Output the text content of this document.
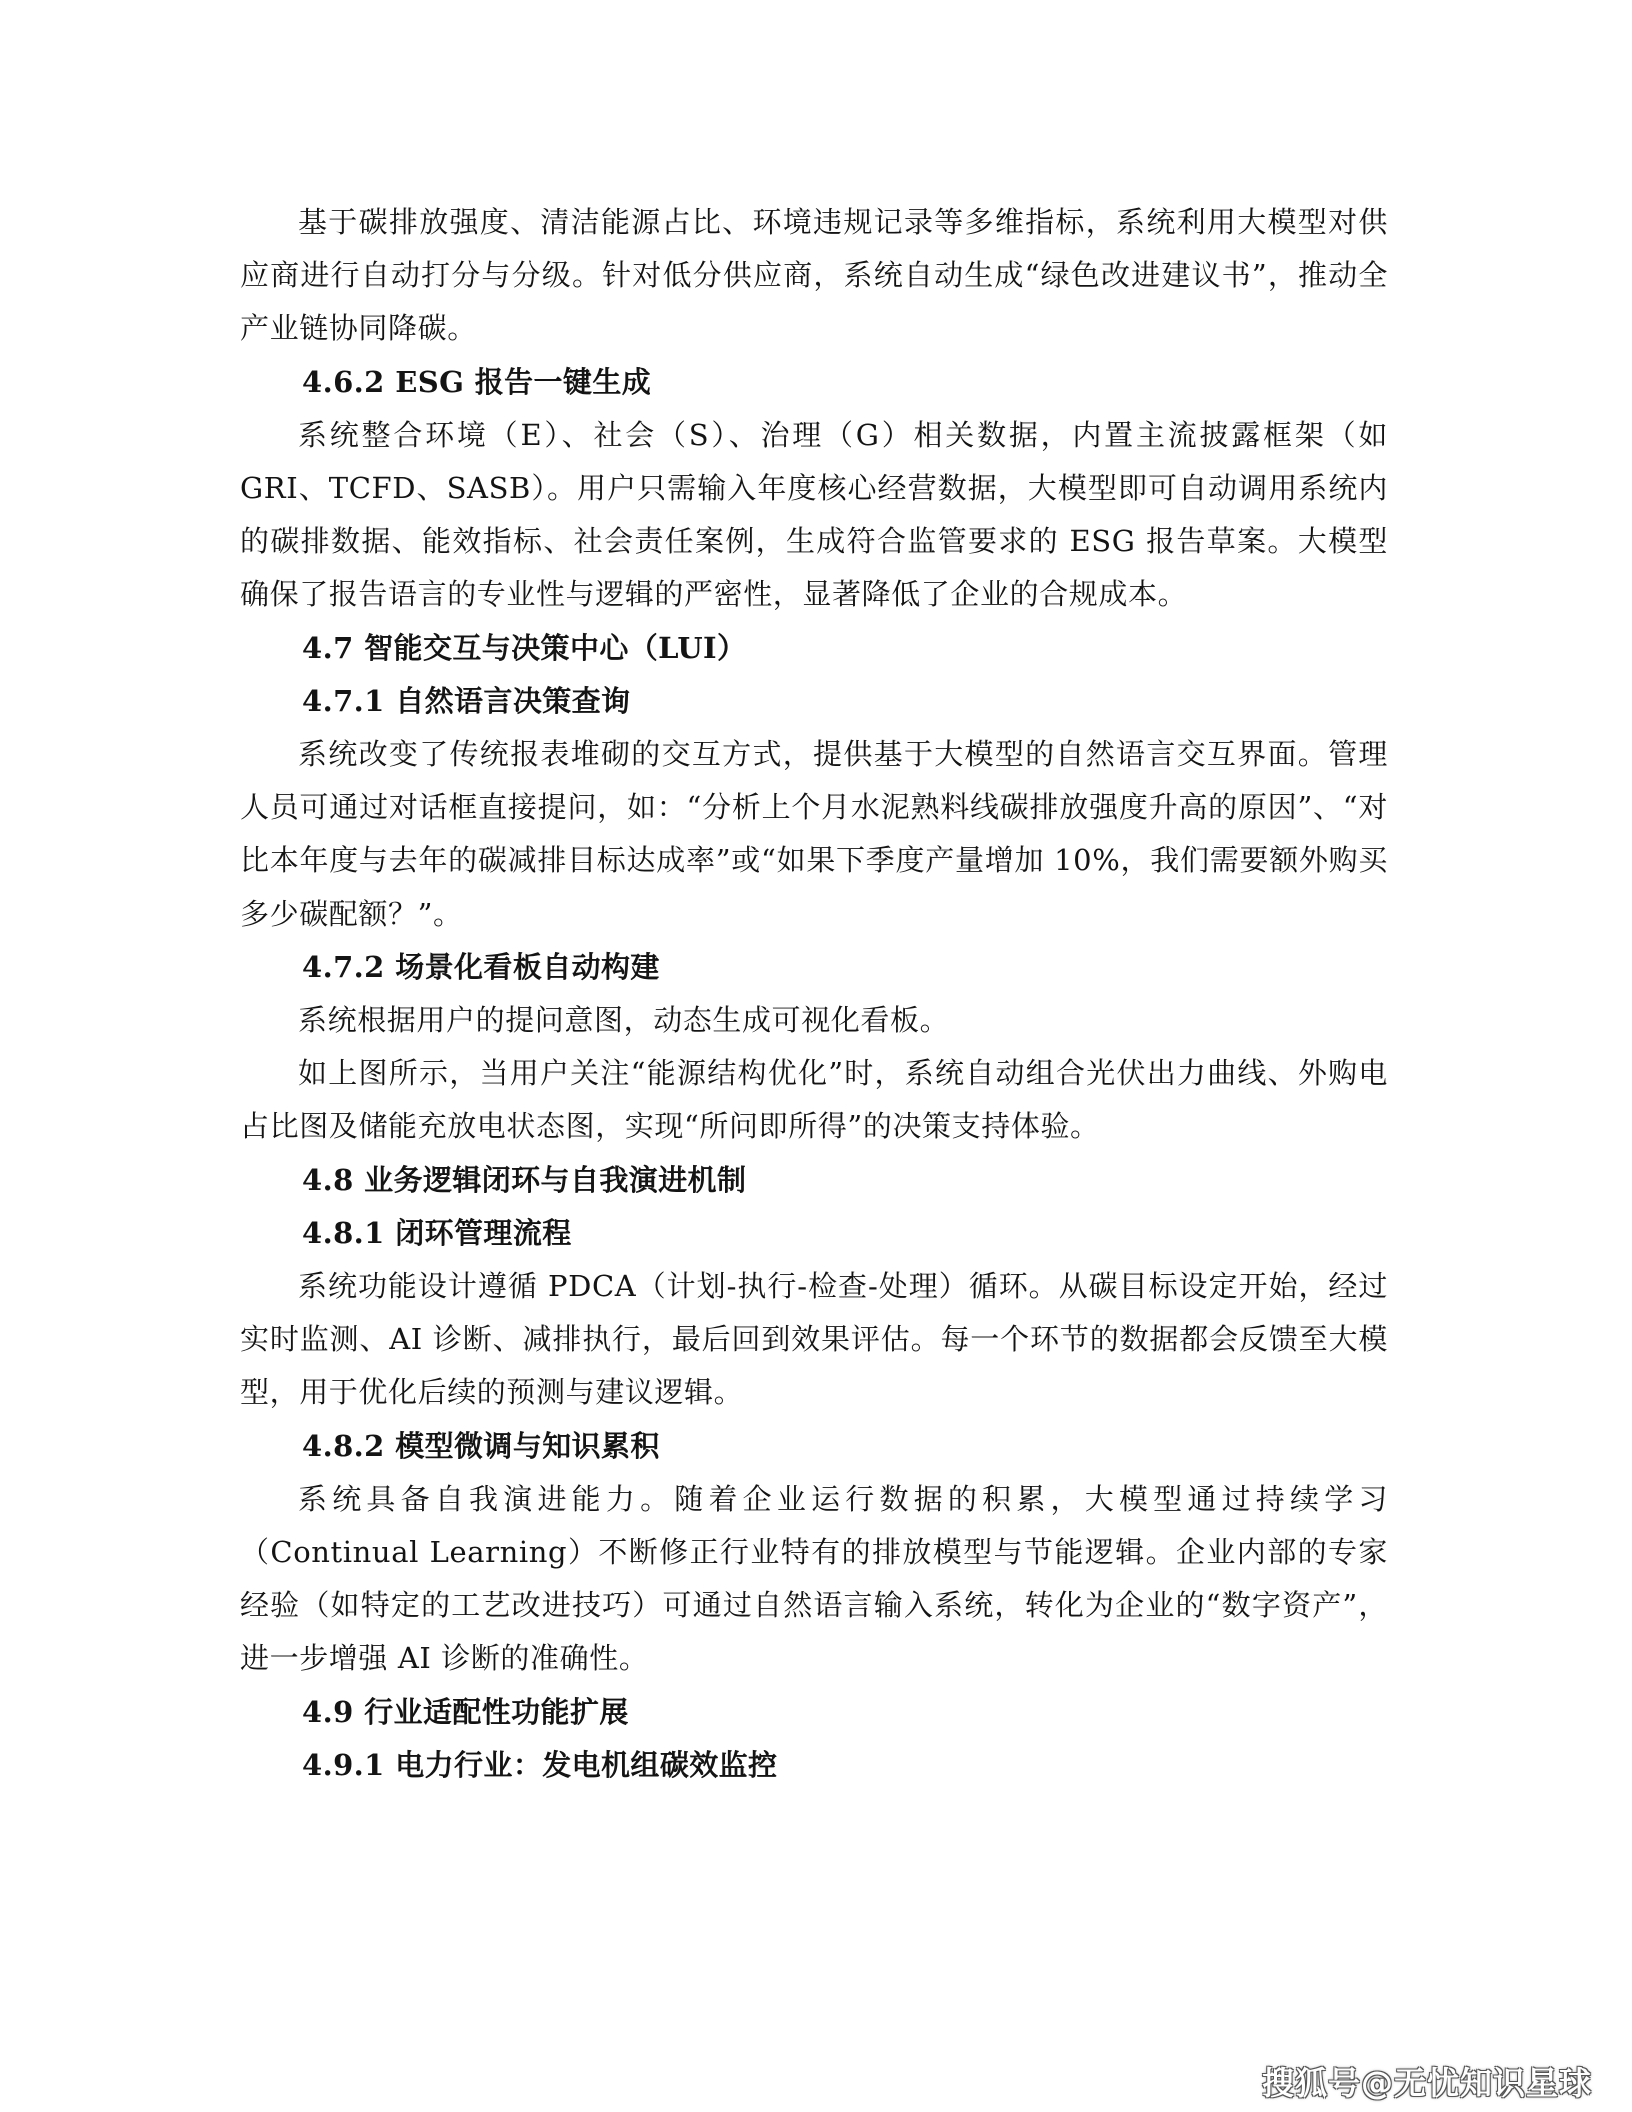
基于碳排放强度、清洁能源占比、环境违规记录等多维指标，系统利用大模型对供应商进行自动打分与分级。针对低分供应商，系统自动生成“绿色改进建议书”，推动全产业链协同降碳。

4.6.2 ESG 报告一键生成

系统整合环境（E）、社会（S）、治理（G）相关数据，内置主流披露框架（如 GRI、TCFD、SASB）。用户只需输入年度核心经营数据，大模型即可自动调用系统内的碳排数据、能效指标、社会责任案例，生成符合监管要求的 ESG 报告草案。大模型确保了报告语言的专业性与逻辑的严密性，显著降低了企业的合规成本。

4.7 智能交互与决策中心（LUI）

4.7.1 自然语言决策查询

系统改变了传统报表堆砌的交互方式，提供基于大模型的自然语言交互界面。管理人员可通过对话框直接提问，如：“分析上个月水泥熟料线碳排放强度升高的原因”、“对比本年度与去年的碳减排目标达成率”或“如果下季度产量增加 10%，我们需要额外购买多少碳配额？”。

4.7.2 场景化看板自动构建

系统根据用户的提问意图，动态生成可视化看板。

如上图所示，当用户关注“能源结构优化”时，系统自动组合光伏出力曲线、外购电占比图及储能充放电状态图，实现“所问即所得”的决策支持体验。

4.8 业务逻辑闭环与自我演进机制

4.8.1 闭环管理流程

系统功能设计遵循 PDCA（计划-执行-检查-处理）循环。从碳目标设定开始，经过实时监测、AI 诊断、减排执行，最后回到效果评估。每一个环节的数据都会反馈至大模型，用于优化后续的预测与建议逻辑。

4.8.2 模型微调与知识累积

系统具备自我演进能力。随着企业运行数据的积累，大模型通过持续学习（Continual Learning）不断修正行业特有的排放模型与节能逻辑。企业内部的专家经验（如特定的工艺改进技巧）可通过自然语言输入系统，转化为企业的“数字资产”，进一步增强 AI 诊断的准确性。

4.9 行业适配性功能扩展

4.9.1 电力行业：发电机组碳效监控

搜狐号@无忧知识星球
